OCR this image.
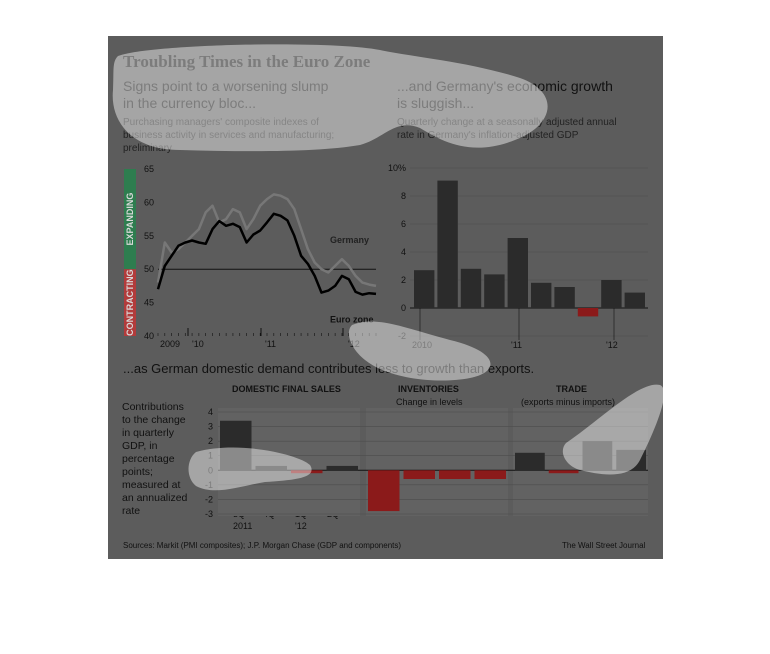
Troubling Times in the Euro Zone
Signs point to a worsening slump
in the currency bloc...
Purchasing managers' composite indexes of
business activity in services and manufacturing;
preliminary
...and Germany's economic growth
is sluggish...
Quarterly change at a seasonally adjusted annual
rate in Germany's inflation-adjusted GDP
...as German domestic demand contributes less to growth than exports.
Contributions
to the change
in quarterly
GDP, in
percentage
points;
measured at
an annualized
rate
DOMESTIC FINAL SALES	INVENTORIES
Change in levels
TRADE
(exports minus imports)
2011	'12
Sources: Markit (PMI composites); J.P. Morgan Chase (GDP and components)	The Wall Street Journal
EXPANDING
CONTRACTING
40
45
50
55
60
65
2009 '10	'11	'12
Germany
Euro zone
-2
0
2
4
6
8
10%
2010	'11	'12
4
3
2
1
0
-1
-2
-3
